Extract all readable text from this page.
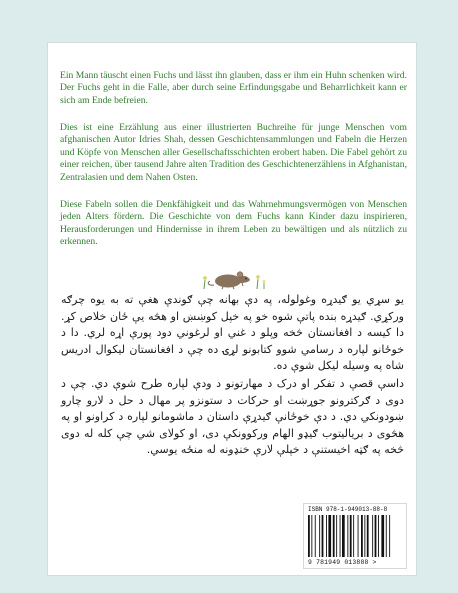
Ein Mann täuscht einen Fuchs und lässt ihn glauben, dass er ihm ein Huhn schenken wird. Der Fuchs geht in die Falle, aber durch seine Erfindungsgabe und Beharrlichkeit kann er sich am Ende befreien.

Dies ist eine Erzählung aus einer illustrierten Buchreihe für junge Menschen vom afghanischen Autor Idries Shah, dessen Geschichtensammlungen und Fabeln die Herzen und Köpfe von Menschen aller Gesellschaftsschichten erobert haben. Die Fabel gehört zu einer reichen, über tausend Jahre alten Tradition des Geschichtenerzählens in Afghanistan, Zentralasien und dem Nahen Osten.

Diese Fabeln sollen die Denkfähigkeit und das Wahrnehmungsvermögen von Menschen jeden Alters fördern. Die Geschichte von dem Fuchs kann Kinder dazu inspirieren, Herausforderungen und Hindernisse in ihrem Leben zu bewältigen und als nützlich zu erkennen.

يو سړي يو ګيدړه وغولوله، په دې بهانه چې ګوندې هغې ته به يوه چرګه ورکړي. ګيدړه بنده پاتې شوه خو په خپل کوښښ او هڅه يې ځان خلاص کړ. دا کيسه د افغانستان څخه وپلو د غني او لرغوني دود پورې اړه لري. دا د خوځانو لپاره د رسامي شوو کتابونو لړۍ ده چې د افغانستان ليکوال ادريس شاه په وسيله ليکل شوې ده.

داسې قصې د تفکر او درک د مهارتونو د ودې لپاره طرح شوې دي. چې د دوی د ګرکترونو جوړښت او حرکات د ستونزو پر مهال د حل د لارو چارو ښودونکي دي. د دې خوځانې ګيدړې داستان د ماشومانو لپاره د کراونو او په هڅوی د برياليتوب ګيډو الهام ورکوونکې دی، او کولای شي چې کله له دوی څخه په ګټه اخيستنې د خپلې لارې خنډونه له منځه يوسي.

ISBN 978-1-949013-88-8
9 781949 013888 >
